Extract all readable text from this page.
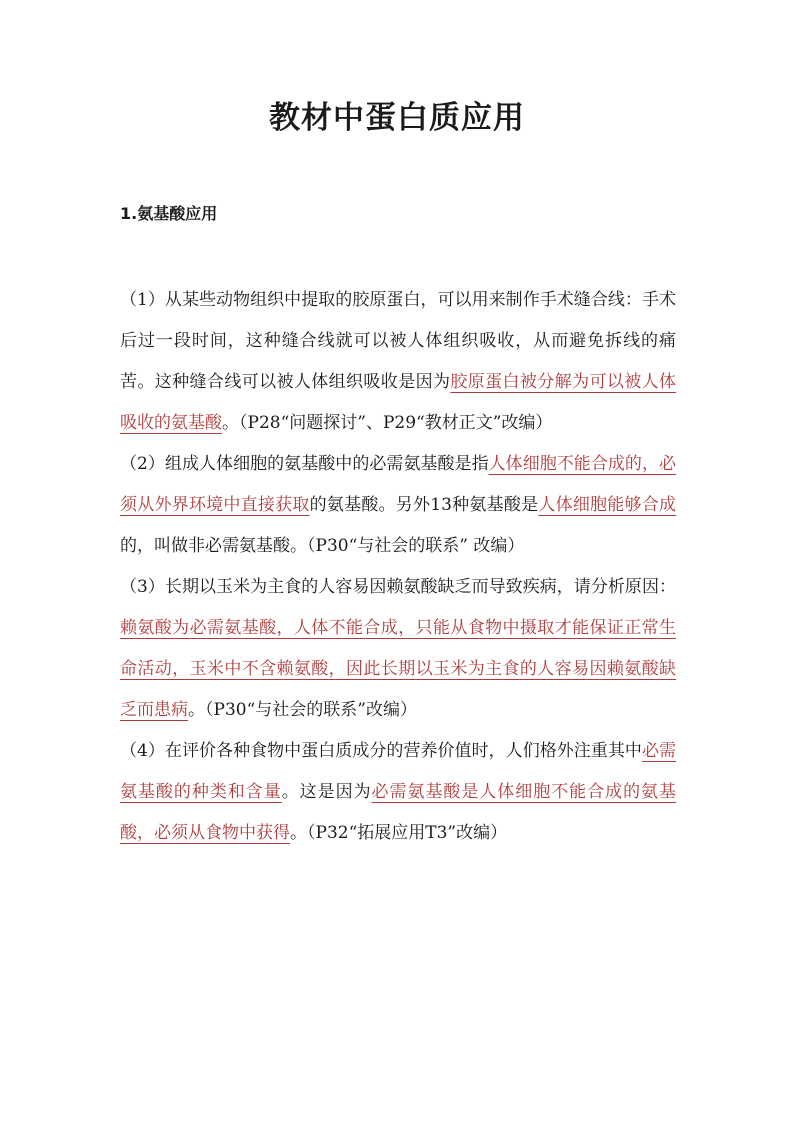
教材中蛋白质应用
1.氨基酸应用

（1）从某些动物组织中提取的胶原蛋白，可以用来制作手术缝合线：手术后过一段时间，这种缝合线就可以被人体组织吸收，从而避免拆线的痛苦。这种缝合线可以被人体组织吸收是因为胶原蛋白被分解为可以被人体吸收的氨基酸。（P28“问题探讨”、P29“教材正文”改编）

（2）组成人体细胞的氨基酸中的必需氨基酸是指人体细胞不能合成的，必须从外界环境中直接获取的氨基酸。另外13种氨基酸是人体细胞能够合成的，叫做非必需氨基酸。（P30“与社会的联系” 改编）

（3）长期以玉米为主食的人容易因赖氨酸缺乏而导致疾病，请分析原因：赖氨酸为必需氨基酸，人体不能合成，只能从食物中摄取才能保证正常生命活动，玉米中不含赖氨酸，因此长期以玉米为主食的人容易因赖氨酸缺乏而患病。（P30“与社会的联系”改编）

（4）在评价各种食物中蛋白质成分的营养价值时，人们格外注重其中必需氨基酸的种类和含量。这是因为必需氨基酸是人体细胞不能合成的氨基酸，必须从食物中获得。（P32“拓展应用T3”改编）
